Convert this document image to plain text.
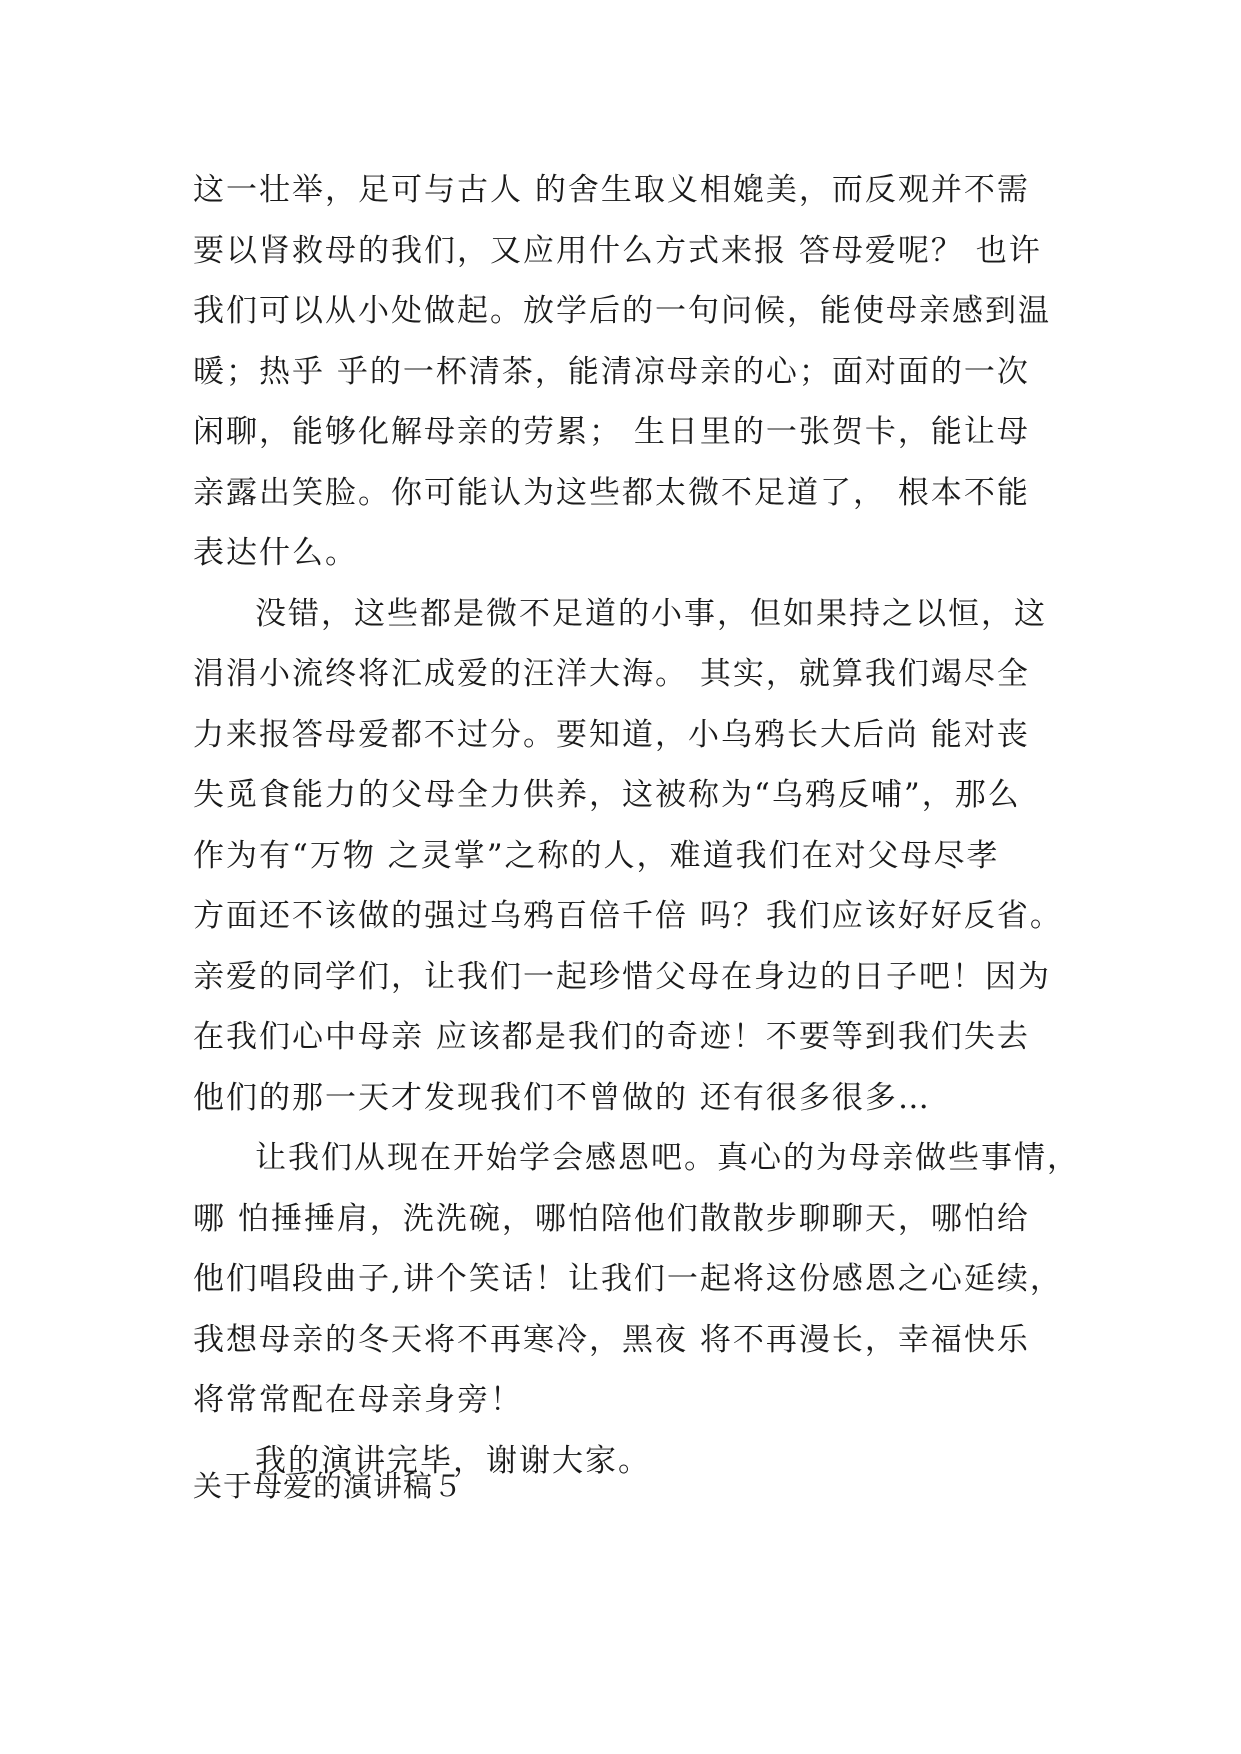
这一壮举，足可与古人 的舍生取义相媲美，而反观并不需
要以肾救母的我们，又应用什么方式来报 答母爱呢？ 也许
我们可以从小处做起。放学后的一句问候，能使母亲感到温
暖；热乎 乎的一杯清茶，能清凉母亲的心；面对面的一次
闲聊，能够化解母亲的劳累； 生日里的一张贺卡，能让母
亲露出笑脸。你可能认为这些都太微不足道了， 根本不能
表达什么。
没错，这些都是微不足道的小事，但如果持之以恒，这
涓涓小流终将汇成爱的汪洋大海。 其实，就算我们竭尽全
力来报答母爱都不过分。要知道，小乌鸦长大后尚 能对丧
失觅食能力的父母全力供养，这被称为“乌鸦反哺”，那么
作为有“万物 之灵掌”之称的人，难道我们在对父母尽孝
方面还不该做的强过乌鸦百倍千倍 吗？我们应该好好反省。
亲爱的同学们，让我们一起珍惜父母在身边的日子吧！因为
在我们心中母亲 应该都是我们的奇迹！不要等到我们失去
他们的那一天才发现我们不曾做的 还有很多很多…
让我们从现在开始学会感恩吧。真心的为母亲做些事情，
哪 怕捶捶肩，洗洗碗，哪怕陪他们散散步聊聊天，哪怕给
他们唱段曲子,讲个笑话！让我们一起将这份感恩之心延续，
我想母亲的冬天将不再寒冷，黑夜 将不再漫长，幸福快乐
将常常配在母亲身旁！
我的演讲完毕，谢谢大家。
关于母爱的演讲稿５
